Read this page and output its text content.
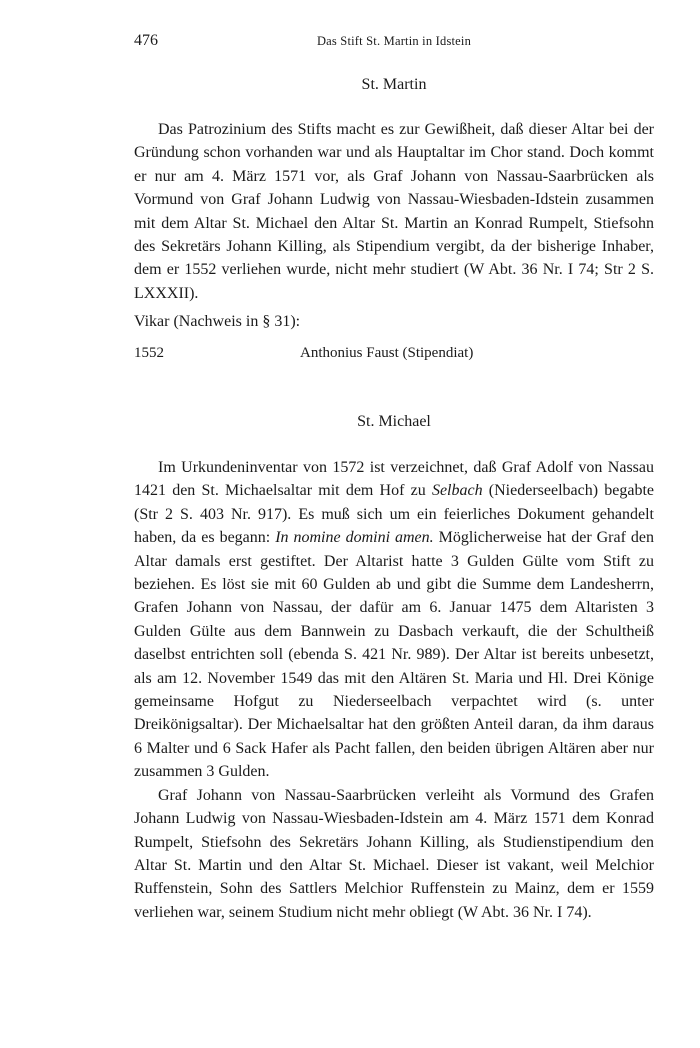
476	Das Stift St. Martin in Idstein
St. Martin

Das Patrozinium des Stifts macht es zur Gewißheit, daß dieser Altar bei der Gründung schon vorhanden war und als Hauptaltar im Chor stand. Doch kommt er nur am 4. März 1571 vor, als Graf Johann von Nassau-Saarbrücken als Vormund von Graf Johann Ludwig von Nassau-Wiesbaden-Idstein zusammen mit dem Altar St. Michael den Altar St. Martin an Konrad Rumpelt, Stiefsohn des Sekretärs Johann Killing, als Stipendium vergibt, da der bisherige Inhaber, dem er 1552 verliehen wurde, nicht mehr studiert (W Abt. 36 Nr. I 74; Str 2 S. LXXXII).

Vikar (Nachweis in § 31):

1552	Anthonius Faust (Stipendiat)
St. Michael

Im Urkundeninventar von 1572 ist verzeichnet, daß Graf Adolf von Nassau 1421 den St. Michaelsaltar mit dem Hof zu Selbach (Niederseelbach) begabte (Str 2 S. 403 Nr. 917). Es muß sich um ein feierliches Dokument gehandelt haben, da es begann: In nomine domini amen. Möglicherweise hat der Graf den Altar damals erst gestiftet. Der Altarist hatte 3 Gulden Gülte vom Stift zu beziehen. Es löst sie mit 60 Gulden ab und gibt die Summe dem Landesherrn, Grafen Johann von Nassau, der dafür am 6. Januar 1475 dem Altaristen 3 Gulden Gülte aus dem Bannwein zu Dasbach verkauft, die der Schultheiß daselbst entrichten soll (ebenda S. 421 Nr. 989). Der Altar ist bereits unbesetzt, als am 12. November 1549 das mit den Altären St. Maria und Hl. Drei Könige gemeinsame Hofgut zu Niederseelbach verpachtet wird (s. unter Dreikönigsaltar). Der Michaelsaltar hat den größten Anteil daran, da ihm daraus 6 Malter und 6 Sack Hafer als Pacht fallen, den beiden übrigen Altären aber nur zusammen 3 Gulden.

Graf Johann von Nassau-Saarbrücken verleiht als Vormund des Grafen Johann Ludwig von Nassau-Wiesbaden-Idstein am 4. März 1571 dem Konrad Rumpelt, Stiefsohn des Sekretärs Johann Killing, als Studienstipendium den Altar St. Martin und den Altar St. Michael. Dieser ist vakant, weil Melchior Ruffenstein, Sohn des Sattlers Melchior Ruffenstein zu Mainz, dem er 1559 verliehen war, seinem Studium nicht mehr obliegt (W Abt. 36 Nr. I 74).
